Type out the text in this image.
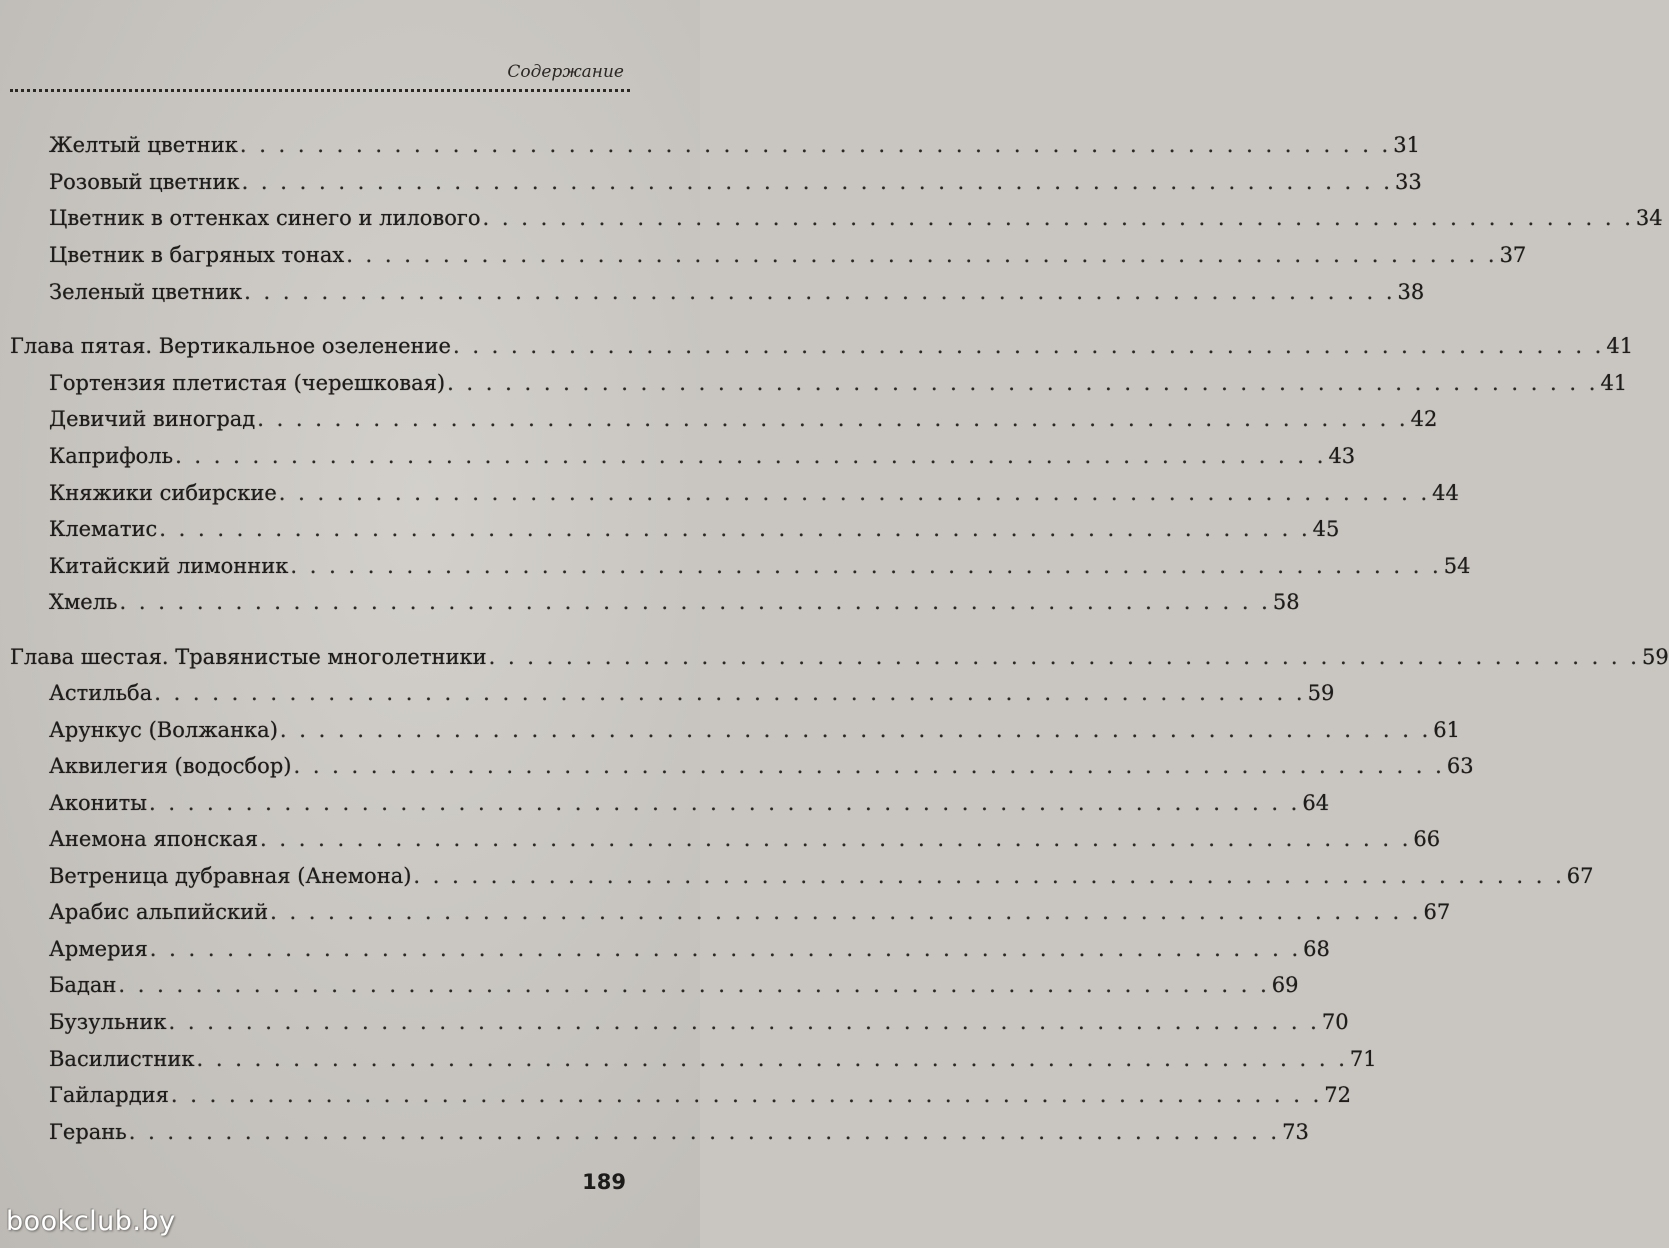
Содержание
Желтый цветник . . . . . . . . . . . . . . . . . . . . . . . . . . . . . . . . . . . . . . . . . . . . . . . . . . . . . . . . . . . . 31
Розовый цветник . . . . . . . . . . . . . . . . . . . . . . . . . . . . . . . . . . . . . . . . . . . . . . . . . . . . . . . . . . . . 33
Цветник в оттенках синего и лилового . . . . . . . . . . . . . . . . . . . . . . . . . . . . . . . . . . . . . . . . . . . . . . . . . . . . . . . . . . . . 34
Цветник в багряных тонах . . . . . . . . . . . . . . . . . . . . . . . . . . . . . . . . . . . . . . . . . . . . . . . . . . . . . . . . . . . . 37
Зеленый цветник . . . . . . . . . . . . . . . . . . . . . . . . . . . . . . . . . . . . . . . . . . . . . . . . . . . . . . . . . . . . 38
Глава пятая. Вертикальное озеленение . . . . . . . . . . . . . . . . . . . . . . . . . . . . . . . . . . . . . . . . . . . . . . . . . . . . . . . . . . . . 41
Гортензия плетистая (черешковая) . . . . . . . . . . . . . . . . . . . . . . . . . . . . . . . . . . . . . . . . . . . . . . . . . . . . . . . . . . . . 41
Девичий виноград . . . . . . . . . . . . . . . . . . . . . . . . . . . . . . . . . . . . . . . . . . . . . . . . . . . . . . . . . . . . 42
Каприфоль . . . . . . . . . . . . . . . . . . . . . . . . . . . . . . . . . . . . . . . . . . . . . . . . . . . . . . . . . . . . 43
Княжики сибирские . . . . . . . . . . . . . . . . . . . . . . . . . . . . . . . . . . . . . . . . . . . . . . . . . . . . . . . . . . . . 44
Клематис . . . . . . . . . . . . . . . . . . . . . . . . . . . . . . . . . . . . . . . . . . . . . . . . . . . . . . . . . . . . 45
Китайский лимонник . . . . . . . . . . . . . . . . . . . . . . . . . . . . . . . . . . . . . . . . . . . . . . . . . . . . . . . . . . . . 54
Хмель . . . . . . . . . . . . . . . . . . . . . . . . . . . . . . . . . . . . . . . . . . . . . . . . . . . . . . . . . . . . 58
Глава шестая. Травянистые многолетники . . . . . . . . . . . . . . . . . . . . . . . . . . . . . . . . . . . . . . . . . . . . . . . . . . . . . . . . . . . . 59
Астильба . . . . . . . . . . . . . . . . . . . . . . . . . . . . . . . . . . . . . . . . . . . . . . . . . . . . . . . . . . . . 59
Арункус (Волжанка) . . . . . . . . . . . . . . . . . . . . . . . . . . . . . . . . . . . . . . . . . . . . . . . . . . . . . . . . . . . . 61
Аквилегия (водосбор) . . . . . . . . . . . . . . . . . . . . . . . . . . . . . . . . . . . . . . . . . . . . . . . . . . . . . . . . . . . . 63
Акониты . . . . . . . . . . . . . . . . . . . . . . . . . . . . . . . . . . . . . . . . . . . . . . . . . . . . . . . . . . . . 64
Анемона японская . . . . . . . . . . . . . . . . . . . . . . . . . . . . . . . . . . . . . . . . . . . . . . . . . . . . . . . . . . . . 66
Ветреница дубравная (Анемона) . . . . . . . . . . . . . . . . . . . . . . . . . . . . . . . . . . . . . . . . . . . . . . . . . . . . . . . . . . . . 67
Арабис альпийский . . . . . . . . . . . . . . . . . . . . . . . . . . . . . . . . . . . . . . . . . . . . . . . . . . . . . . . . . . . . 67
Армерия . . . . . . . . . . . . . . . . . . . . . . . . . . . . . . . . . . . . . . . . . . . . . . . . . . . . . . . . . . . . 68
Бадан . . . . . . . . . . . . . . . . . . . . . . . . . . . . . . . . . . . . . . . . . . . . . . . . . . . . . . . . . . . . 69
Бузульник . . . . . . . . . . . . . . . . . . . . . . . . . . . . . . . . . . . . . . . . . . . . . . . . . . . . . . . . . . . . 70
Василистник . . . . . . . . . . . . . . . . . . . . . . . . . . . . . . . . . . . . . . . . . . . . . . . . . . . . . . . . . . . . 71
Гайлардия . . . . . . . . . . . . . . . . . . . . . . . . . . . . . . . . . . . . . . . . . . . . . . . . . . . . . . . . . . . . 72
Герань . . . . . . . . . . . . . . . . . . . . . . . . . . . . . . . . . . . . . . . . . . . . . . . . . . . . . . . . . . . . 73
189
bookclub.by
